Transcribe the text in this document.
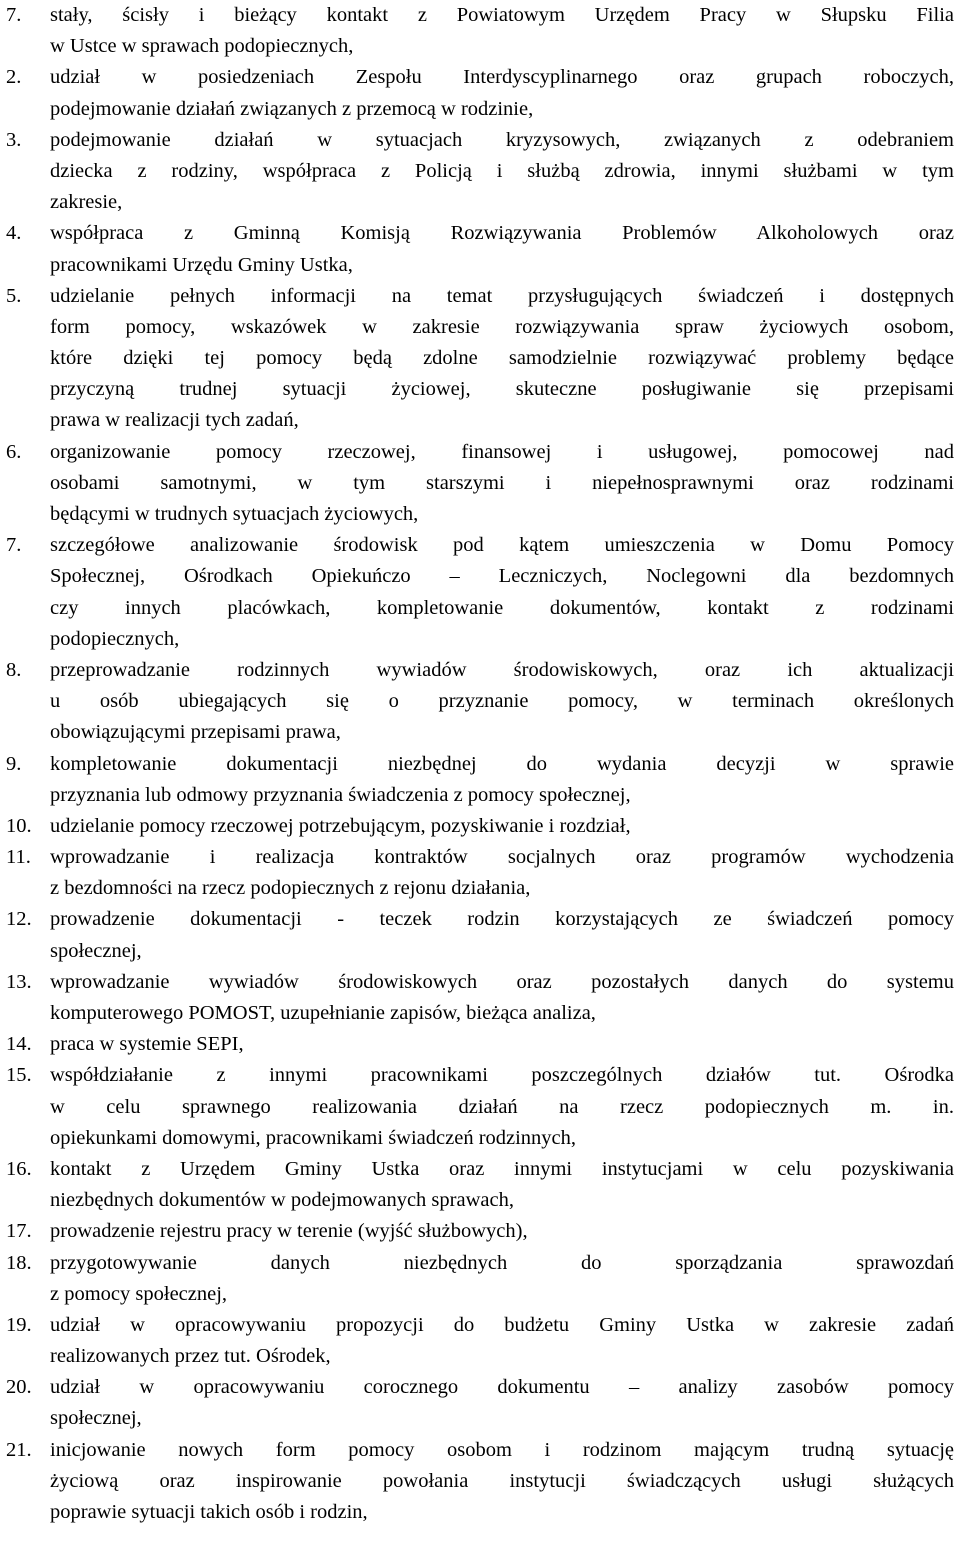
7.	stały, ścisły i bieżący kontakt z Powiatowym Urzędem Pracy w Słupsku Filia
w Ustce w sprawach podopiecznych,
2.	udział w posiedzeniach Zespołu Interdyscyplinarnego oraz grupach roboczych,
podejmowanie działań związanych z przemocą w rodzinie,
3.	podejmowanie działań w sytuacjach kryzysowych, związanych z odebraniem
dziecka z rodziny, współpraca z Policją i służbą zdrowia, innymi służbami w tym
zakresie,
4.	współpraca z Gminną Komisją Rozwiązywania Problemów Alkoholowych oraz
pracownikami Urzędu Gminy Ustka,
5.	udzielanie pełnych informacji na temat przysługujących świadczeń i dostępnych
form pomocy, wskazówek w zakresie rozwiązywania spraw życiowych osobom,
które dzięki tej pomocy będą zdolne samodzielnie rozwiązywać problemy będące
przyczyną trudnej sytuacji życiowej, skuteczne posługiwanie się przepisami
prawa w realizacji tych zadań,
6.	organizowanie pomocy rzeczowej, finansowej i usługowej, pomocowej nad
osobami samotnymi, w tym starszymi i niepełnosprawnymi oraz rodzinami
będącymi w trudnych sytuacjach życiowych,
7.	szczegółowe analizowanie środowisk pod kątem umieszczenia w Domu Pomocy
Społecznej, Ośrodkach Opiekuńczo – Leczniczych, Noclegowni dla bezdomnych
czy innych placówkach, kompletowanie dokumentów, kontakt z rodzinami
podopiecznych,
8.	przeprowadzanie rodzinnych wywiadów środowiskowych, oraz ich aktualizacji
u osób ubiegających się o przyznanie pomocy, w terminach określonych
obowiązującymi przepisami prawa,
9.	kompletowanie dokumentacji niezbędnej do wydania decyzji w sprawie
przyznania lub odmowy przyznania świadczenia z pomocy społecznej,
10. udzielanie pomocy rzeczowej potrzebującym, pozyskiwanie i rozdział,
11. wprowadzanie i realizacja kontraktów socjalnych oraz programów wychodzenia
z bezdomności na rzecz podopiecznych z rejonu działania,
12. prowadzenie dokumentacji - teczek rodzin korzystających ze świadczeń pomocy
społecznej,
13. wprowadzanie wywiadów środowiskowych oraz pozostałych danych do systemu
komputerowego POMOST, uzupełnianie zapisów, bieżąca analiza,
14. praca w systemie SEPI,
15. współdziałanie z innymi pracownikami poszczególnych działów tut. Ośrodka
w celu sprawnego realizowania działań na rzecz podopiecznych m. in.
opiekunkami domowymi, pracownikami świadczeń rodzinnych,
16. kontakt z Urzędem Gminy Ustka oraz innymi instytucjami w celu pozyskiwania
niezbędnych dokumentów w podejmowanych sprawach,
17. prowadzenie rejestru pracy w terenie (wyjść służbowych),
18. przygotowywanie danych niezbędnych do sporządzania sprawozdań
z pomocy społecznej,
19. udział w opracowywaniu propozycji do budżetu Gminy Ustka w zakresie zadań
realizowanych przez tut. Ośrodek,
20. udział w opracowywaniu corocznego dokumentu – analizy zasobów pomocy
społecznej,
21. inicjowanie nowych form pomocy osobom i rodzinom mającym trudną sytuację
życiową oraz inspirowanie powołania instytucji świadczących usługi służących
poprawie sytuacji takich osób i rodzin,
